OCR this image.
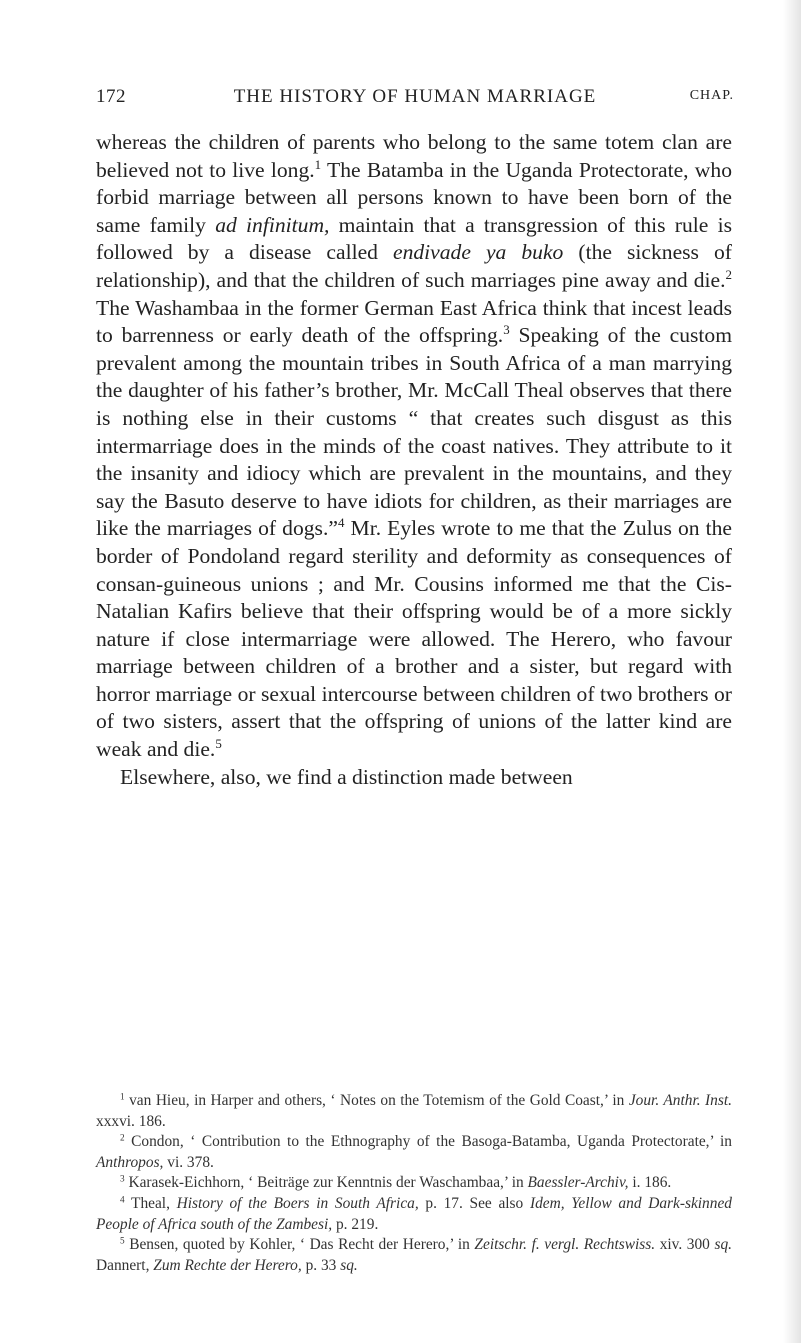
172	THE HISTORY OF HUMAN MARRIAGE	CHAP.

whereas the children of parents who belong to the same totem clan are believed not to live long.$^1$ The Batamba in the Uganda Protectorate, who forbid marriage between all persons known to have been born of the same family ad infinitum, maintain that a transgression of this rule is followed by a disease called endivade ya buko (the sickness of relationship), and that the children of such marriages pine away and die.$^2$ The Washambaa in the former German East Africa think that incest leads to barrenness or early death of the offspring.$^3$ Speaking of the custom prevalent among the mountain tribes in South Africa of a man marrying the daughter of his father’s brother, Mr. McCall Theal observes that there is nothing else in their customs “ that creates such disgust as this intermarriage does in the minds of the coast natives. They attribute to it the insanity and idiocy which are prevalent in the mountains, and they say the Basuto deserve to have idiots for children, as their marriages are like the marriages of dogs.”$^4$ Mr. Eyles wrote to me that the Zulus on the border of Pondoland regard sterility and deformity as consequences of consan-guineous unions ; and Mr. Cousins informed me that the Cis-Natalian Kafirs believe that their offspring would be of a more sickly nature if close intermarriage were allowed. The Herero, who favour marriage between children of a brother and a sister, but regard with horror marriage or sexual intercourse between children of two brothers or of two sisters, assert that the offspring of unions of the latter kind are weak and die.$^5$

Elsewhere, also, we find a distinction made between

$^1$ van Hieu, in Harper and others, ‘ Notes on the Totemism of the Gold Coast,’ in Jour. Anthr. Inst. xxxvi. 186.

$^2$ Condon, ‘ Contribution to the Ethnography of the Basoga-Batamba, Uganda Protectorate,’ in Anthropos, vi. 378.

$^3$ Karasek-Eichhorn, ‘ Beiträge zur Kenntnis der Waschambaa,’ in Baessler-Archiv, i. 186.

$^4$ Theal, History of the Boers in South Africa, p. 17. See also Idem, Yellow and Dark-skinned People of Africa south of the Zambesi, p. 219.

$^5$ Bensen, quoted by Kohler, ‘ Das Recht der Herero,’ in Zeitschr. f. vergl. Rechtswiss. xiv. 300 sq. Dannert, Zum Rechte der Herero, p. 33 sq.
